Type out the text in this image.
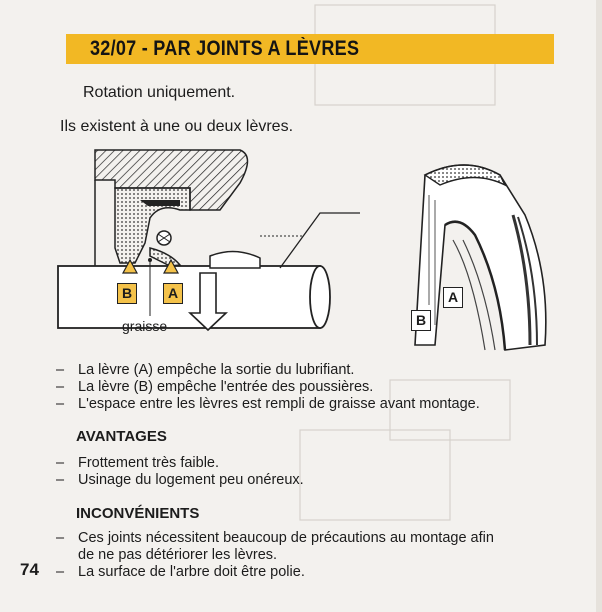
32/07 - PAR JOINTS A LÈVRES
Rotation uniquement.
Ils existent à une ou deux lèvres.
B	A
graisse
A
B
– La lèvre (A) empêche la sortie du lubrifiant.
– La lèvre (B) empêche l'entrée des poussières.
– L'espace entre les lèvres est rempli de graisse avant montage.
AVANTAGES
– Frottement très faible.
– Usinage du logement peu onéreux.
INCONVÉNIENTS
– Ces joints nécessitent beaucoup de précautions au montage afin
de ne pas détériorer les lèvres.
– La surface de l'arbre doit être polie.
74
